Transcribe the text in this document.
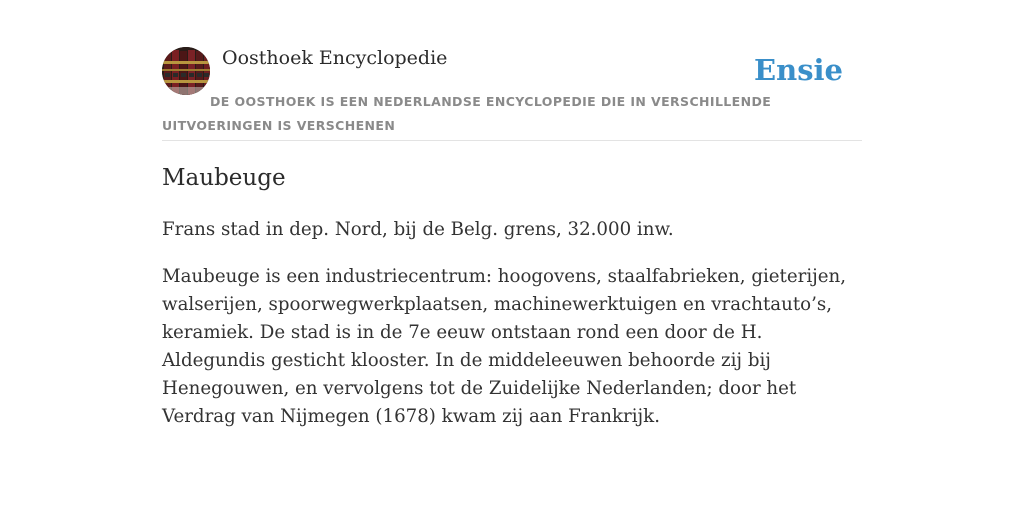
Oosthoek Encyclopedie	Ensie
DE OOSTHOEK IS EEN NEDERLANDSE ENCYCLOPEDIE DIE IN VERSCHILLENDE UITVOERINGEN IS VERSCHENEN
Maubeuge

Frans stad in dep. Nord, bij de Belg. grens, 32.000 inw.

Maubeuge is een industriecentrum: hoogovens, staalfabrieken, gieterijen, walserijen, spoorwegwerkplaatsen, machinewerktuigen en vrachtauto’s, keramiek. De stad is in de 7e eeuw ontstaan rond een door de H. Aldegundis gesticht klooster. In de middeleeuwen behoorde zij bij Henegouwen, en vervolgens tot de Zuidelijke Nederlanden; door het Verdrag van Nijmegen (1678) kwam zij aan Frankrijk.
